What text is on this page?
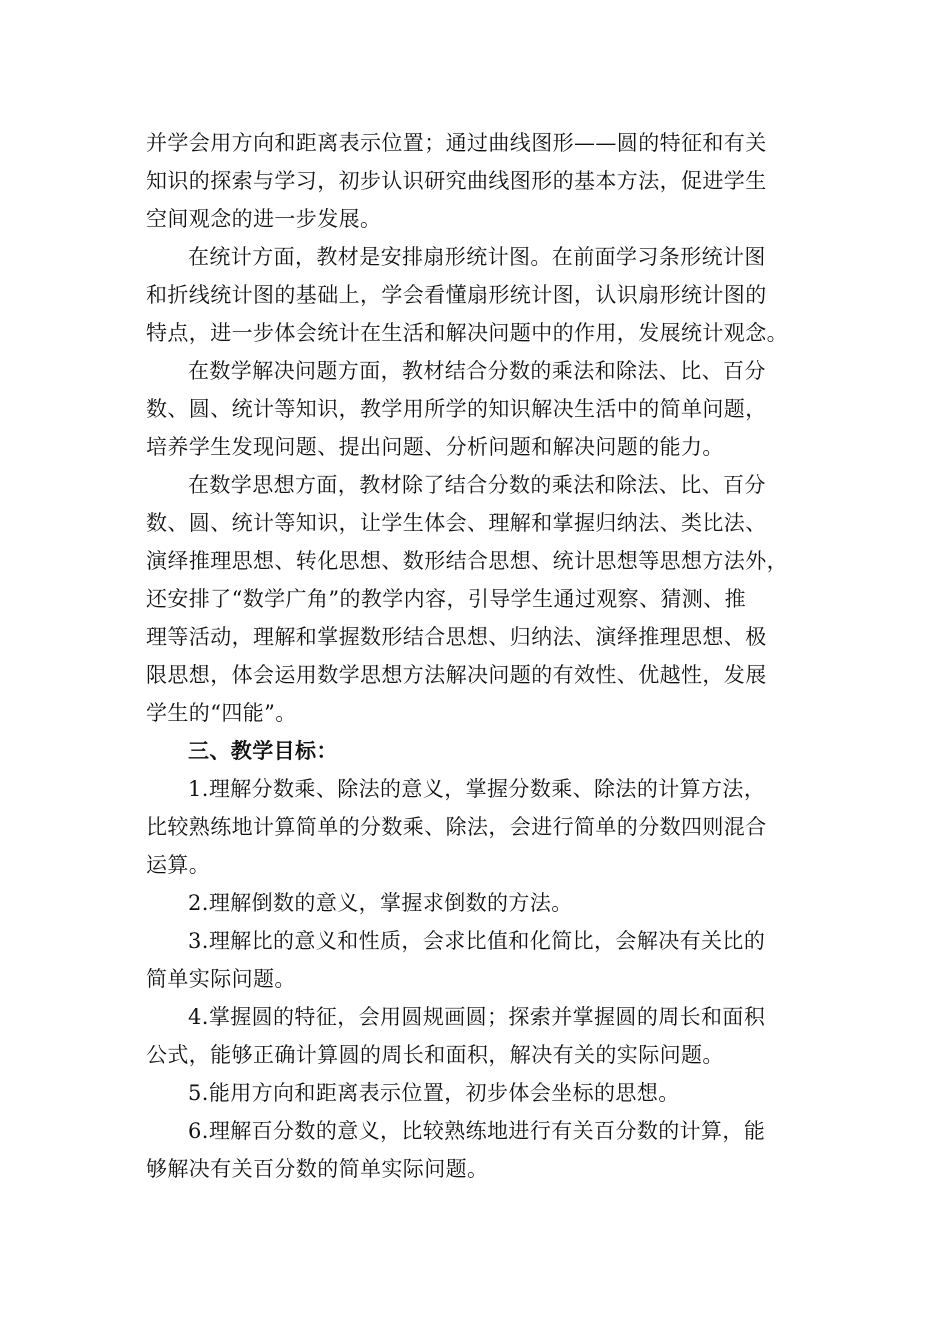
并学会用方向和距离表示位置；通过曲线图形——圆的特征和有关
知识的探索与学习，初步认识研究曲线图形的基本方法，促进学生
空间观念的进一步发展。
在统计方面，教材是安排扇形统计图。在前面学习条形统计图
和折线统计图的基础上，学会看懂扇形统计图，认识扇形统计图的
特点，进一步体会统计在生活和解决问题中的作用，发展统计观念。
在数学解决问题方面，教材结合分数的乘法和除法、比、百分
数、圆、统计等知识，教学用所学的知识解决生活中的简单问题，
培养学生发现问题、提出问题、分析问题和解决问题的能力。
在数学思想方面，教材除了结合分数的乘法和除法、比、百分
数、圆、统计等知识，让学生体会、理解和掌握归纳法、类比法、
演绎推理思想、转化思想、数形结合思想、统计思想等思想方法外，
还安排了“数学广角”的教学内容，引导学生通过观察、猜测、推
理等活动，理解和掌握数形结合思想、归纳法、演绎推理思想、极
限思想，体会运用数学思想方法解决问题的有效性、优越性，发展
学生的“四能”。
三、教学目标：
1.理解分数乘、除法的意义，掌握分数乘、除法的计算方法，
比较熟练地计算简单的分数乘、除法，会进行简单的分数四则混合
运算。
2.理解倒数的意义，掌握求倒数的方法。
3.理解比的意义和性质，会求比值和化简比，会解决有关比的
简单实际问题。
4.掌握圆的特征，会用圆规画圆；探索并掌握圆的周长和面积
公式，能够正确计算圆的周长和面积，解决有关的实际问题。
5.能用方向和距离表示位置，初步体会坐标的思想。
6.理解百分数的意义，比较熟练地进行有关百分数的计算，能
够解决有关百分数的简单实际问题。
